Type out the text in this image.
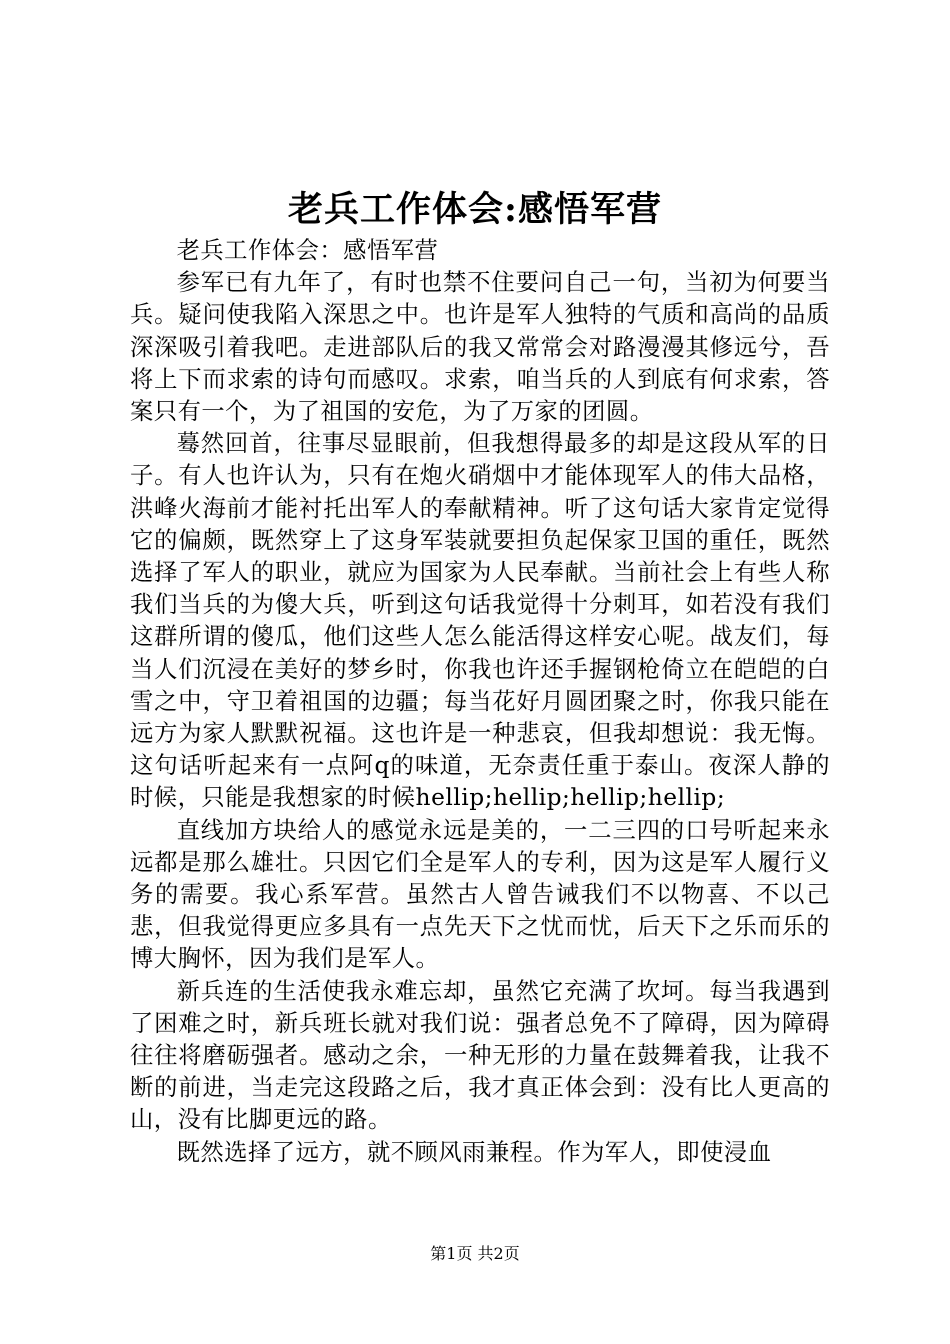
老兵工作体会:感悟军营

老兵工作体会：感悟军营

参军已有九年了，有时也禁不住要问自己一句，当初为何要当兵。疑问使我陷入深思之中。也许是军人独特的气质和高尚的品质深深吸引着我吧。走进部队后的我又常常会对路漫漫其修远兮，吾将上下而求索的诗句而感叹。求索，咱当兵的人到底有何求索，答案只有一个，为了祖国的安危，为了万家的团圆。

蓦然回首，往事尽显眼前，但我想得最多的却是这段从军的日子。有人也许认为，只有在炮火硝烟中才能体现军人的伟大品格，洪峰火海前才能衬托出军人的奉献精神。听了这句话大家肯定觉得它的偏颇，既然穿上了这身军装就要担负起保家卫国的重任，既然选择了军人的职业，就应为国家为人民奉献。当前社会上有些人称我们当兵的为傻大兵，听到这句话我觉得十分刺耳，如若没有我们这群所谓的傻瓜，他们这些人怎么能活得这样安心呢。战友们，每当人们沉浸在美好的梦乡时，你我也许还手握钢枪倚立在皑皑的白雪之中，守卫着祖国的边疆；每当花好月圆团聚之时，你我只能在远方为家人默默祝福。这也许是一种悲哀，但我却想说：我无悔。这句话听起来有一点阿q的味道，无奈责任重于泰山。夜深人静的时候，只能是我想家的时候hellip;hellip;hellip;hellip;

直线加方块给人的感觉永远是美的，一二三四的口号听起来永远都是那么雄壮。只因它们全是军人的专利，因为这是军人履行义务的需要。我心系军营。虽然古人曾告诫我们不以物喜、不以己悲，但我觉得更应多具有一点先天下之忧而忧，后天下之乐而乐的博大胸怀，因为我们是军人。

新兵连的生活使我永难忘却，虽然它充满了坎坷。每当我遇到了困难之时，新兵班长就对我们说：强者总免不了障碍，因为障碍往往将磨砺强者。感动之余，一种无形的力量在鼓舞着我，让我不断的前进，当走完这段路之后，我才真正体会到：没有比人更高的山，没有比脚更远的路。

既然选择了远方，就不顾风雨兼程。作为军人，即使浸血

第1页 共2页
